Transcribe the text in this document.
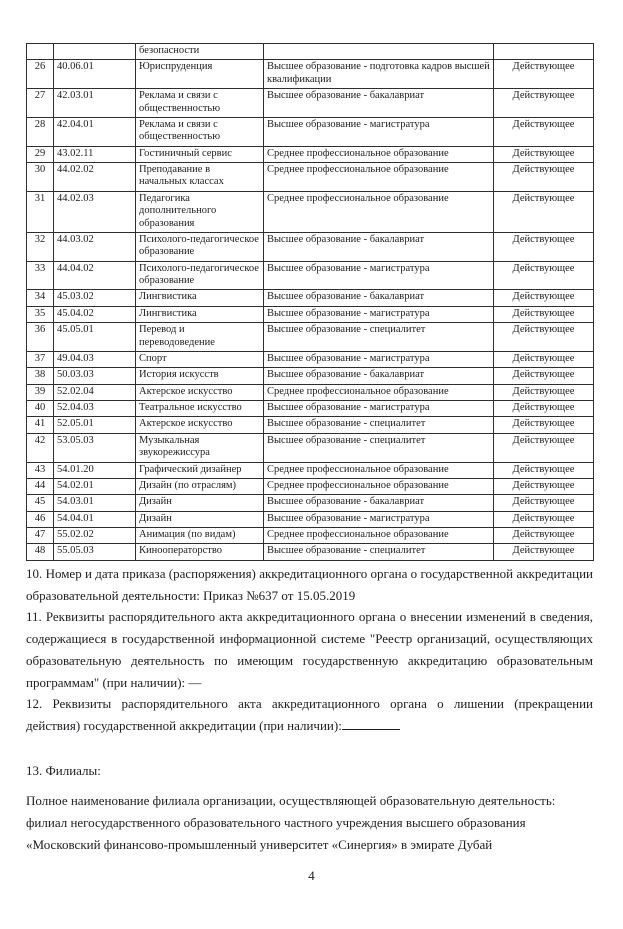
		безопасности		
26	40.06.01	Юриспруденция	Высшее образование - подготовка кадров высшей квалификации	Действующее
27	42.03.01	Реклама и связи с общественностью	Высшее образование - бакалавриат	Действующее
28	42.04.01	Реклама и связи с общественностью	Высшее образование - магистратура	Действующее
29	43.02.11	Гостиничный сервис	Среднее профессиональное образование	Действующее
30	44.02.02	Преподавание в начальных классах	Среднее профессиональное образование	Действующее
31	44.02.03	Педагогика дополнительного образования	Среднее профессиональное образование	Действующее
32	44.03.02	Психолого-педагогическое образование	Высшее образование - бакалавриат	Действующее
33	44.04.02	Психолого-педагогическое образование	Высшее образование - магистратура	Действующее
34	45.03.02	Лингвистика	Высшее образование - бакалавриат	Действующее
35	45.04.02	Лингвистика	Высшее образование - магистратура	Действующее
36	45.05.01	Перевод и переводоведение	Высшее образование - специалитет	Действующее
37	49.04.03	Спорт	Высшее образование - магистратура	Действующее
38	50.03.03	История искусств	Высшее образование - бакалавриат	Действующее
39	52.02.04	Актерское искусство	Среднее профессиональное образование	Действующее
40	52.04.03	Театральное искусство	Высшее образование - магистратура	Действующее
41	52.05.01	Актерское искусство	Высшее образование - специалитет	Действующее
42	53.05.03	Музыкальная звукорежиссура	Высшее образование - специалитет	Действующее
43	54.01.20	Графический дизайнер	Среднее профессиональное образование	Действующее
44	54.02.01	Дизайн (по отраслям)	Среднее профессиональное образование	Действующее
45	54.03.01	Дизайн	Высшее образование - бакалавриат	Действующее
46	54.04.01	Дизайн	Высшее образование - магистратура	Действующее
47	55.02.02	Анимация (по видам)	Среднее профессиональное образование	Действующее
48	55.05.03	Кинооператорство	Высшее образование - специалитет	Действующее
10. Номер и дата приказа (распоряжения) аккредитационного органа о государственной аккредитации образовательной деятельности: Приказ №637 от 15.05.2019
11. Реквизиты распорядительного акта аккредитационного органа о внесении изменений в сведения, содержащиеся в государственной информационной системе "Реестр организаций, осуществляющих образовательную деятельность по имеющим государственную аккредитацию образовательным программам" (при наличии): —
12. Реквизиты распорядительного акта аккредитационного органа о лишении (прекращении действия) государственной аккредитации (при наличии):
13. Филиалы:
Полное наименование филиала организации, осуществляющей образовательную деятельность: филиал негосударственного образовательного частного учреждения высшего образования «Московский финансово-промышленный университет «Синергия» в эмирате Дубай
4
